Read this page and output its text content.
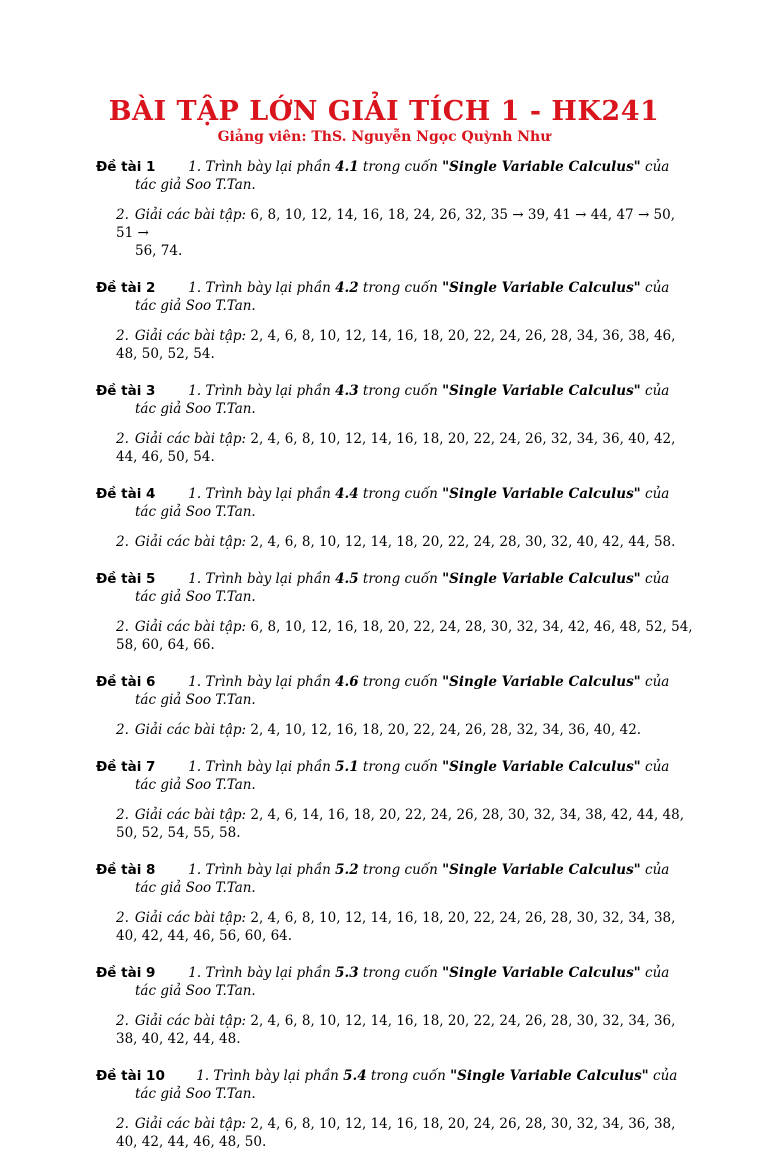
BÀI TẬP LỚN GIẢI TÍCH 1 - HK241
Giảng viên: ThS. Nguyễn Ngọc Quỳnh Như
Đề tài 1 1. Trình bày lại phần 4.1 trong cuốn "Single Variable Calculus" của
tác giả Soo T.Tan.
2. Giải các bài tập: 6, 8, 10, 12, 14, 16, 18, 24, 26, 32, 35 → 39, 41 → 44, 47 → 50, 51 →
56, 74.
Đề tài 2 1. Trình bày lại phần 4.2 trong cuốn "Single Variable Calculus" của
tác giả Soo T.Tan.
2. Giải các bài tập: 2, 4, 6, 8, 10, 12, 14, 16, 18, 20, 22, 24, 26, 28, 34, 36, 38, 46, 48, 50, 52, 54.
Đề tài 3 1. Trình bày lại phần 4.3 trong cuốn "Single Variable Calculus" của
tác giả Soo T.Tan.
2. Giải các bài tập: 2, 4, 6, 8, 10, 12, 14, 16, 18, 20, 22, 24, 26, 32, 34, 36, 40, 42, 44, 46, 50, 54.
Đề tài 4 1. Trình bày lại phần 4.4 trong cuốn "Single Variable Calculus" của
tác giả Soo T.Tan.
2. Giải các bài tập: 2, 4, 6, 8, 10, 12, 14, 18, 20, 22, 24, 28, 30, 32, 40, 42, 44, 58.
Đề tài 5 1. Trình bày lại phần 4.5 trong cuốn "Single Variable Calculus" của
tác giả Soo T.Tan.
2. Giải các bài tập: 6, 8, 10, 12, 16, 18, 20, 22, 24, 28, 30, 32, 34, 42, 46, 48, 52, 54, 58, 60, 64, 66.
Đề tài 6 1. Trình bày lại phần 4.6 trong cuốn "Single Variable Calculus" của
tác giả Soo T.Tan.
2. Giải các bài tập: 2, 4, 10, 12, 16, 18, 20, 22, 24, 26, 28, 32, 34, 36, 40, 42.
Đề tài 7 1. Trình bày lại phần 5.1 trong cuốn "Single Variable Calculus" của
tác giả Soo T.Tan.
2. Giải các bài tập: 2, 4, 6, 14, 16, 18, 20, 22, 24, 26, 28, 30, 32, 34, 38, 42, 44, 48, 50, 52, 54, 55, 58.
Đề tài 8 1. Trình bày lại phần 5.2 trong cuốn "Single Variable Calculus" của
tác giả Soo T.Tan.
2. Giải các bài tập: 2, 4, 6, 8, 10, 12, 14, 16, 18, 20, 22, 24, 26, 28, 30, 32, 34, 38, 40, 42, 44, 46, 56, 60, 64.
Đề tài 9 1. Trình bày lại phần 5.3 trong cuốn "Single Variable Calculus" của
tác giả Soo T.Tan.
2. Giải các bài tập: 2, 4, 6, 8, 10, 12, 14, 16, 18, 20, 22, 24, 26, 28, 30, 32, 34, 36, 38, 40, 42, 44, 48.
Đề tài 10 1. Trình bày lại phần 5.4 trong cuốn "Single Variable Calculus" của
tác giả Soo T.Tan.
2. Giải các bài tập: 2, 4, 6, 8, 10, 12, 14, 16, 18, 20, 24, 26, 28, 30, 32, 34, 36, 38, 40, 42, 44, 46, 48, 50.
